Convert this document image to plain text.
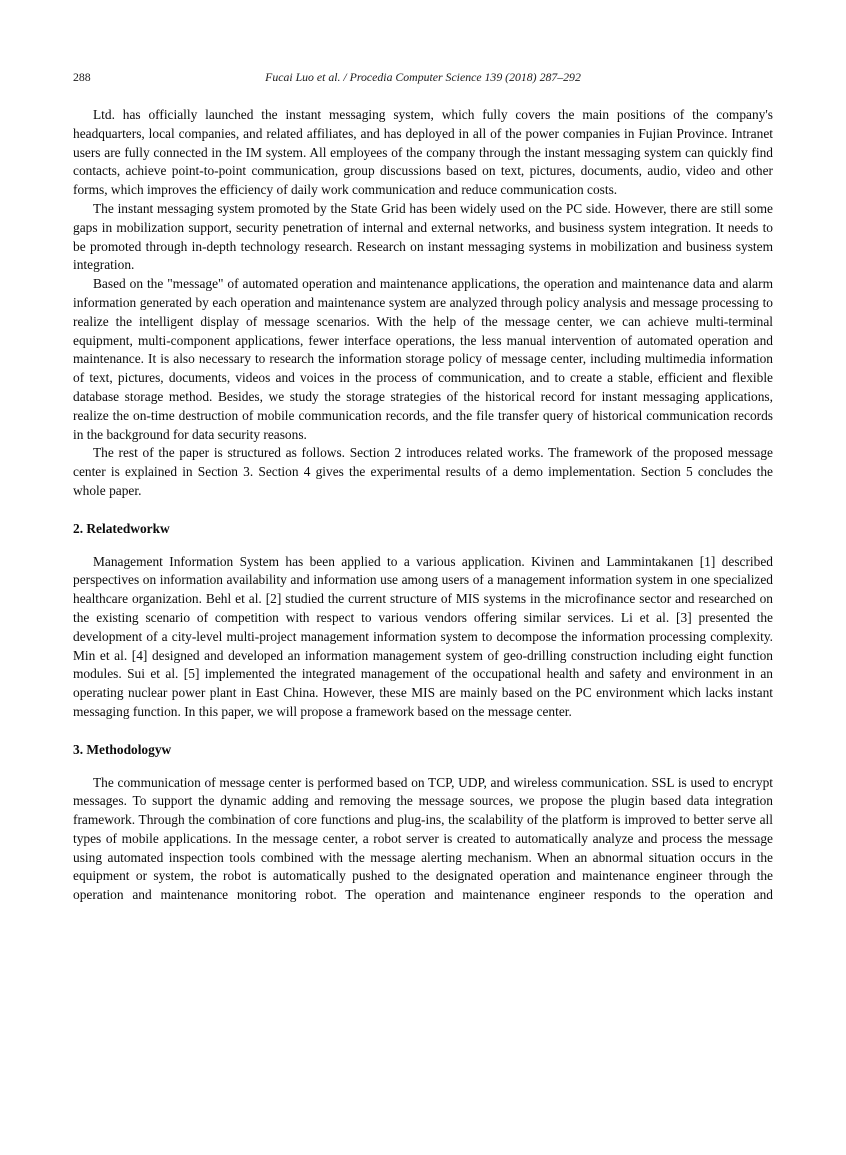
288	Fucai Luo et al. / Procedia Computer Science 139 (2018) 287–292

Ltd. has officially launched the instant messaging system, which fully covers the main positions of the company's headquarters, local companies, and related affiliates, and has deployed in all of the power companies in Fujian Province. Intranet users are fully connected in the IM system. All employees of the company through the instant messaging system can quickly find contacts, achieve point-to-point communication, group discussions based on text, pictures, documents, audio, video and other forms, which improves the efficiency of daily work communication and reduce communication costs.

The instant messaging system promoted by the State Grid has been widely used on the PC side. However, there are still some gaps in mobilization support, security penetration of internal and external networks, and business system integration. It needs to be promoted through in-depth technology research. Research on instant messaging systems in mobilization and business system integration.

Based on the "message" of automated operation and maintenance applications, the operation and maintenance data and alarm information generated by each operation and maintenance system are analyzed through policy analysis and message processing to realize the intelligent display of message scenarios. With the help of the message center, we can achieve multi-terminal equipment, multi-component applications, fewer interface operations, the less manual intervention of automated operation and maintenance. It is also necessary to research the information storage policy of message center, including multimedia information of text, pictures, documents, videos and voices in the process of communication, and to create a stable, efficient and flexible database storage method. Besides, we study the storage strategies of the historical record for instant messaging applications, realize the on-time destruction of mobile communication records, and the file transfer query of historical communication records in the background for data security reasons.

The rest of the paper is structured as follows. Section 2 introduces related works. The framework of the proposed message center is explained in Section 3. Section 4 gives the experimental results of a demo implementation. Section 5 concludes the whole paper.

2. Relatedworkw

Management Information System has been applied to a various application. Kivinen and Lammintakanen [1] described perspectives on information availability and information use among users of a management information system in one specialized healthcare organization. Behl et al. [2] studied the current structure of MIS systems in the microfinance sector and researched on the existing scenario of competition with respect to various vendors offering similar services. Li et al. [3] presented the development of a city-level multi-project management information system to decompose the information processing complexity. Min et al. [4] designed and developed an information management system of geo-drilling construction including eight function modules. Sui et al. [5] implemented the integrated management of the occupational health and safety and environment in an operating nuclear power plant in East China. However, these MIS are mainly based on the PC environment which lacks instant messaging function. In this paper, we will propose a framework based on the message center.

3. Methodologyw

The communication of message center is performed based on TCP, UDP, and wireless communication. SSL is used to encrypt messages. To support the dynamic adding and removing the message sources, we propose the plugin based data integration framework. Through the combination of core functions and plug-ins, the scalability of the platform is improved to better serve all types of mobile applications. In the message center, a robot server is created to automatically analyze and process the message using automated inspection tools combined with the message alerting mechanism. When an abnormal situation occurs in the equipment or system, the robot is automatically pushed to the designated operation and maintenance engineer through the operation and maintenance monitoring robot. The operation and maintenance engineer responds to the operation and
